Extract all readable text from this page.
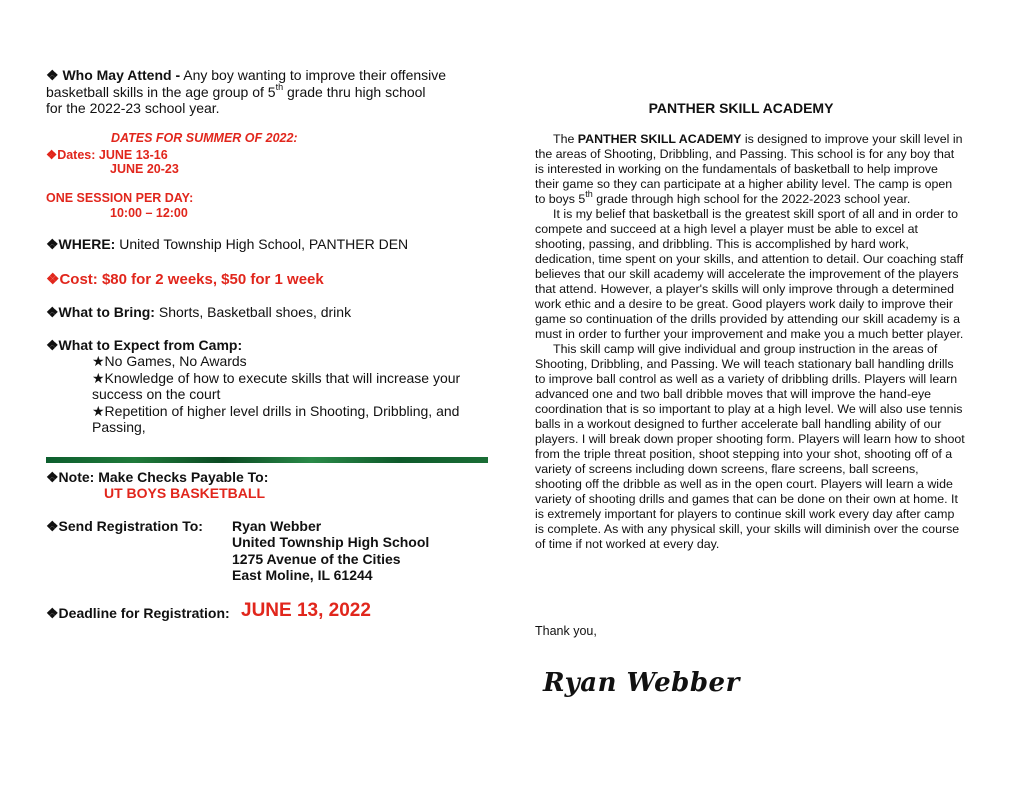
❖ Who May Attend - Any boy wanting to improve their offensive
basketball skills in the age group of 5th grade thru high school
for the 2022-23 school year.
DATES FOR SUMMER OF 2022:
❖Dates: JUNE 13-16
JUNE 20-23
ONE SESSION PER DAY:
10:00 – 12:00
❖WHERE: United Township High School, PANTHER DEN
❖Cost: $80 for 2 weeks, $50 for 1 week
❖What to Bring: Shorts, Basketball shoes, drink
❖What to Expect from Camp:
★No Games, No Awards
★Knowledge of how to execute skills that will increase your
success on the court
★Repetition of higher level drills in Shooting, Dribbling, and
Passing,
❖Note: Make Checks Payable To:
UT BOYS BASKETBALL
❖Send Registration To: Ryan Webber
United Township High School
1275 Avenue of the Cities
East Moline, IL 61244
❖Deadline for Registration: JUNE 13, 2022
PANTHER SKILL ACADEMY

The PANTHER SKILL ACADEMY is designed to improve your skill level in the areas of Shooting, Dribbling, and Passing. This school is for any boy that is interested in working on the fundamentals of basketball to help improve their game so they can participate at a higher ability level. The camp is open to boys 5th grade through high school for the 2022-2023 school year.

It is my belief that basketball is the greatest skill sport of all and in order to compete and succeed at a high level a player must be able to excel at shooting, passing, and dribbling. This is accomplished by hard work, dedication, time spent on your skills, and attention to detail. Our coaching staff believes that our skill academy will accelerate the improvement of the players that attend. However, a player's skills will only improve through a determined work ethic and a desire to be great. Good players work daily to improve their game so continuation of the drills provided by attending our skill academy is a must in order to further your improvement and make you a much better player.

This skill camp will give individual and group instruction in the areas of Shooting, Dribbling, and Passing. We will teach stationary ball handling drills to improve ball control as well as a variety of dribbling drills. Players will learn advanced one and two ball dribble moves that will improve the hand-eye coordination that is so important to play at a high level. We will also use tennis balls in a workout designed to further accelerate ball handling ability of our players. I will break down proper shooting form. Players will learn how to shoot from the triple threat position, shoot stepping into your shot, shooting off of a variety of screens including down screens, flare screens, ball screens, shooting off the dribble as well as in the open court. Players will learn a wide variety of shooting drills and games that can be done on their own at home. It is extremely important for players to continue skill work every day after camp is complete. As with any physical skill, your skills will diminish over the course of time if not worked at every day.

Thank you,
Ryan Webber
